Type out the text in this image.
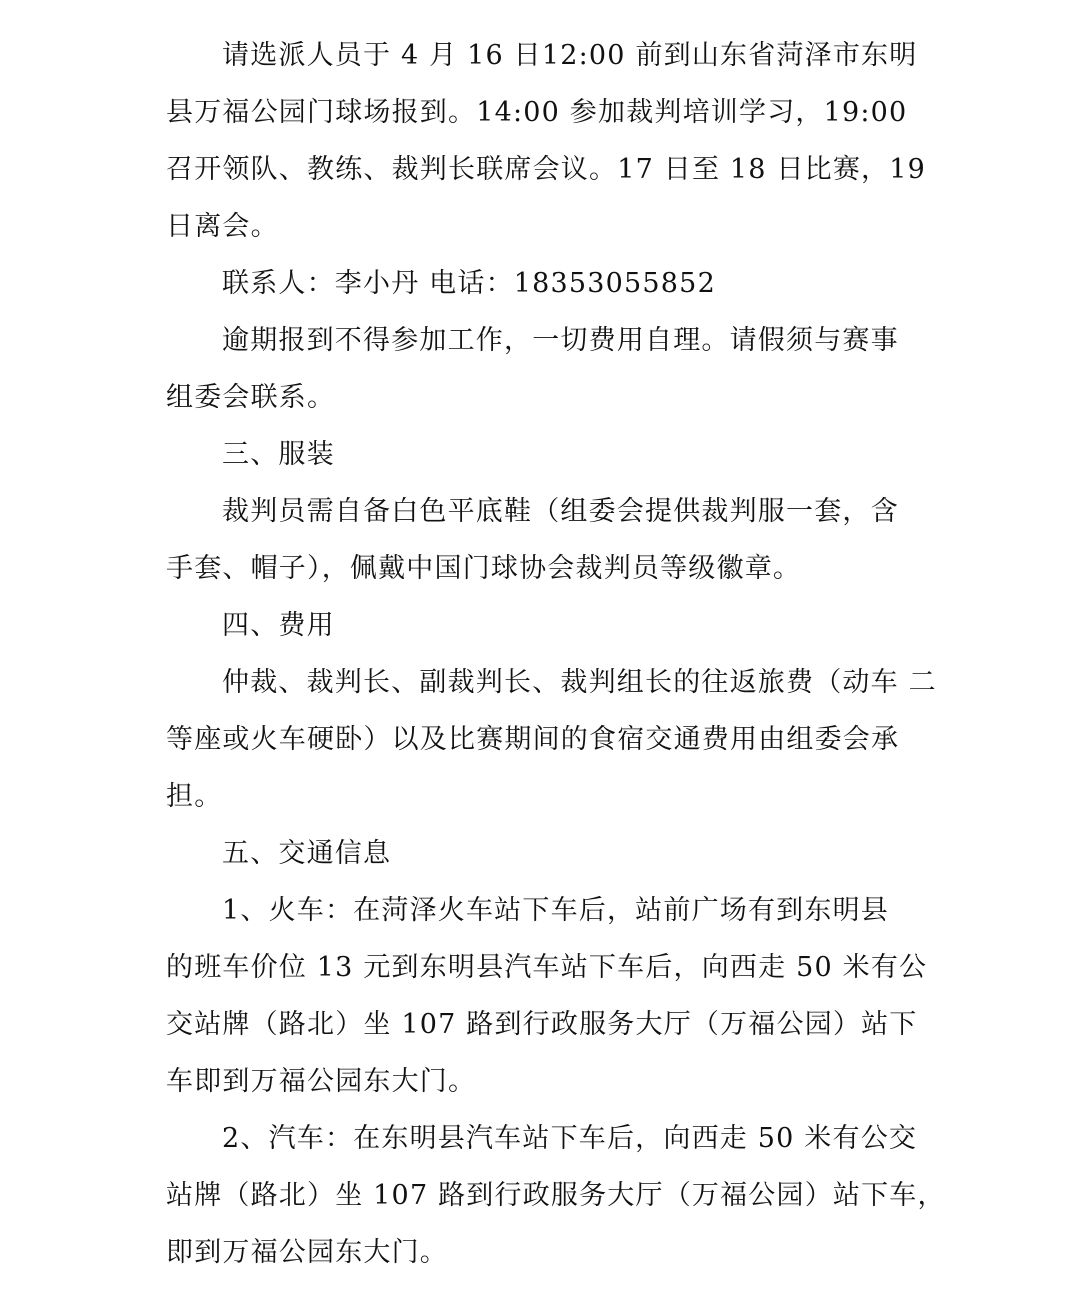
请选派人员于 4 月 16 日12:00 前到山东省菏泽市东明
县万福公园门球场报到。14:00 参加裁判培训学习，19:00
召开领队、教练、裁判长联席会议。17 日至 18 日比赛，19
日离会。
联系人：李小丹 电话：18353055852
逾期报到不得参加工作，一切费用自理。请假须与赛事
组委会联系。
三、服装
裁判员需自备白色平底鞋（组委会提供裁判服一套，含
手套、帽子），佩戴中国门球协会裁判员等级徽章。
四、费用
仲裁、裁判长、副裁判长、裁判组长的往返旅费（动车 二
等座或火车硬卧）以及比赛期间的食宿交通费用由组委会承
担。
五、交通信息
1、火车：在菏泽火车站下车后，站前广场有到东明县
的班车价位 13 元到东明县汽车站下车后，向西走 50 米有公
交站牌（路北）坐 107 路到行政服务大厅（万福公园）站下
车即到万福公园东大门。
2、汽车：在东明县汽车站下车后，向西走 50 米有公交
站牌（路北）坐 107 路到行政服务大厅（万福公园）站下车，
即到万福公园东大门。
